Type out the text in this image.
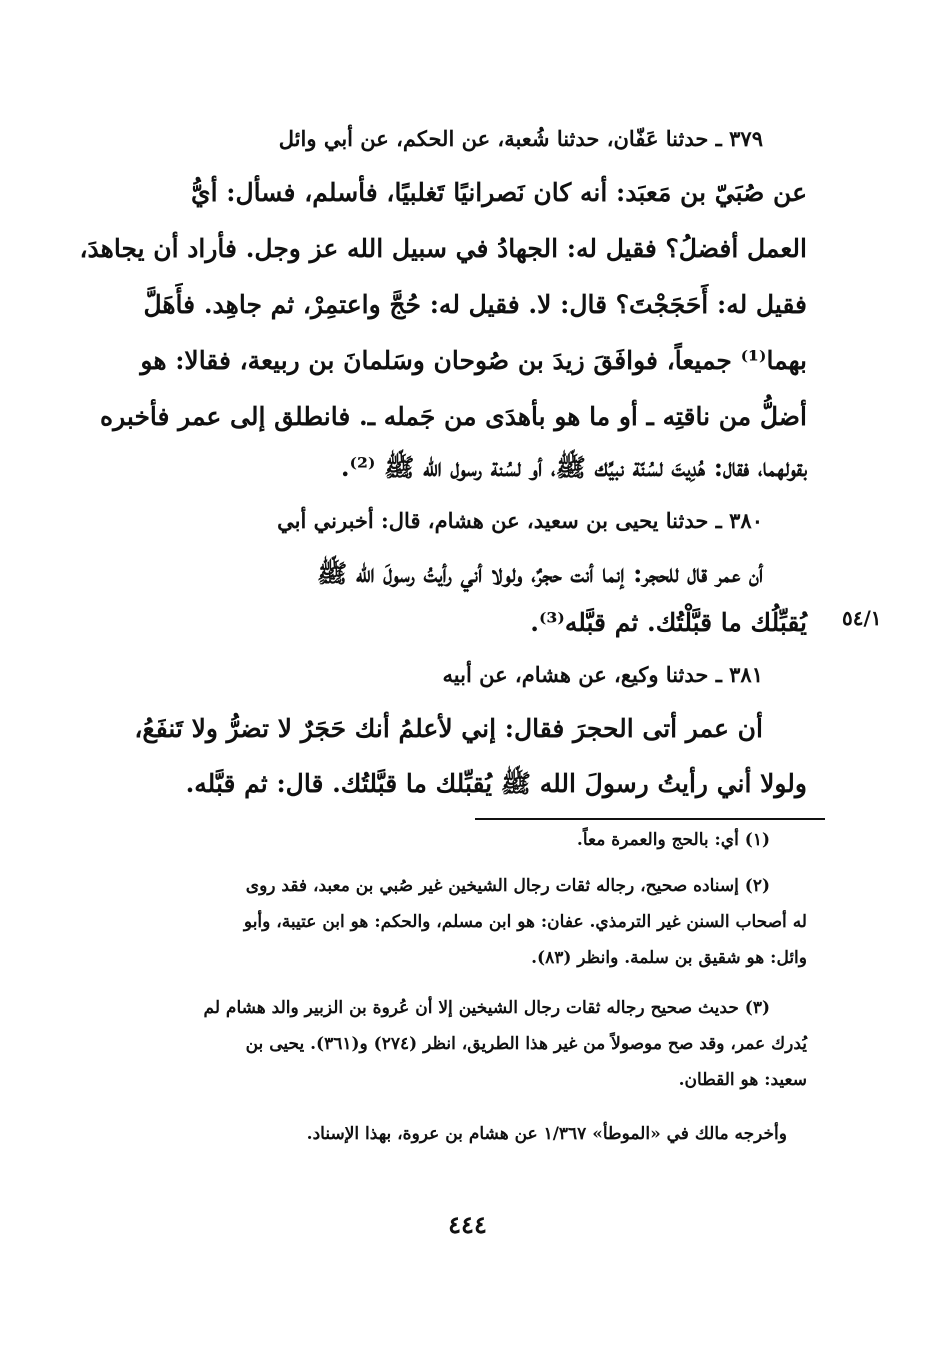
٣٧٩ ـ حدثنا عَفّان، حدثنا شُعبة، عن الحكم، عن أبي وائل
عن صُبَيّ بن مَعبَد: أنه كان نَصرانيًا تَغلبيًا، فأسلم، فسأل: أيُّ
العمل أفضلُ؟ فقيل له: الجهادُ في سبيل الله عز وجل. فأراد أن يجاهدَ،
فقيل له: أَحَجَجْتَ؟ قال: لا. فقيل له: حُجَّ واعتمِرْ، ثم جاهِد. فأَهَلَّ
بهما⁽¹⁾ جميعاً، فوافَقَ زيدَ بن صُوحان وسَلمانَ بن ربيعة، فقالا: هو
أضلُّ من ناقتِه ـ أو ما هو بأهدَى من جَمله ـ. فانطلق إلى عمر فأخبره
بقولهما، فقال: هُدِيتَ لسُنّة نبيِّك ﷺ، أو لسُنة رسول الله ﷺ ⁽²⁾.
٣٨٠ ـ حدثنا يحيى بن سعيد، عن هشام، قال: أخبرني أبي
أن عمر قال للحجر: إنما أنت حجرٌ، ولولا أني رأيتُ رسولَ الله ﷺ
يُقبِّلُك ما قبَّلْتُك. ثم قبَّله⁽³⁾. ٥٤/١
٣٨١ ـ حدثنا وكيع، عن هشام، عن أبيه
أن عمر أتى الحجرَ فقال: إني لأعلمُ أنك حَجَرٌ لا تضرُّ ولا تَنفَعُ،
ولولا أني رأيتُ رسولَ الله ﷺ يُقبِّلك ما قبَّلتُك. قال: ثم قبَّله.
(١) أي: بالحج والعمرة معاً.
(٢) إسناده صحيح، رجاله ثقات رجال الشيخين غير صُبي بن معبد، فقد روى
له أصحاب السنن غير الترمذي. عفان: هو ابن مسلم، والحكم: هو ابن عتيبة، وأبو
وائل: هو شقيق بن سلمة. وانظر (٨٣).
(٣) حديث صحيح رجاله ثقات رجال الشيخين إلا أن عُروة بن الزبير والد هشام لم
يُدرك عمر، وقد صح موصولاً من غير هذا الطريق، انظر (٢٧٤) و(٣٦١). يحيى بن
سعيد: هو القطان.
وأخرجه مالك في «الموطأ» ١/٣٦٧ عن هشام بن عروة، بهذا الإسناد.
٤٤٤
